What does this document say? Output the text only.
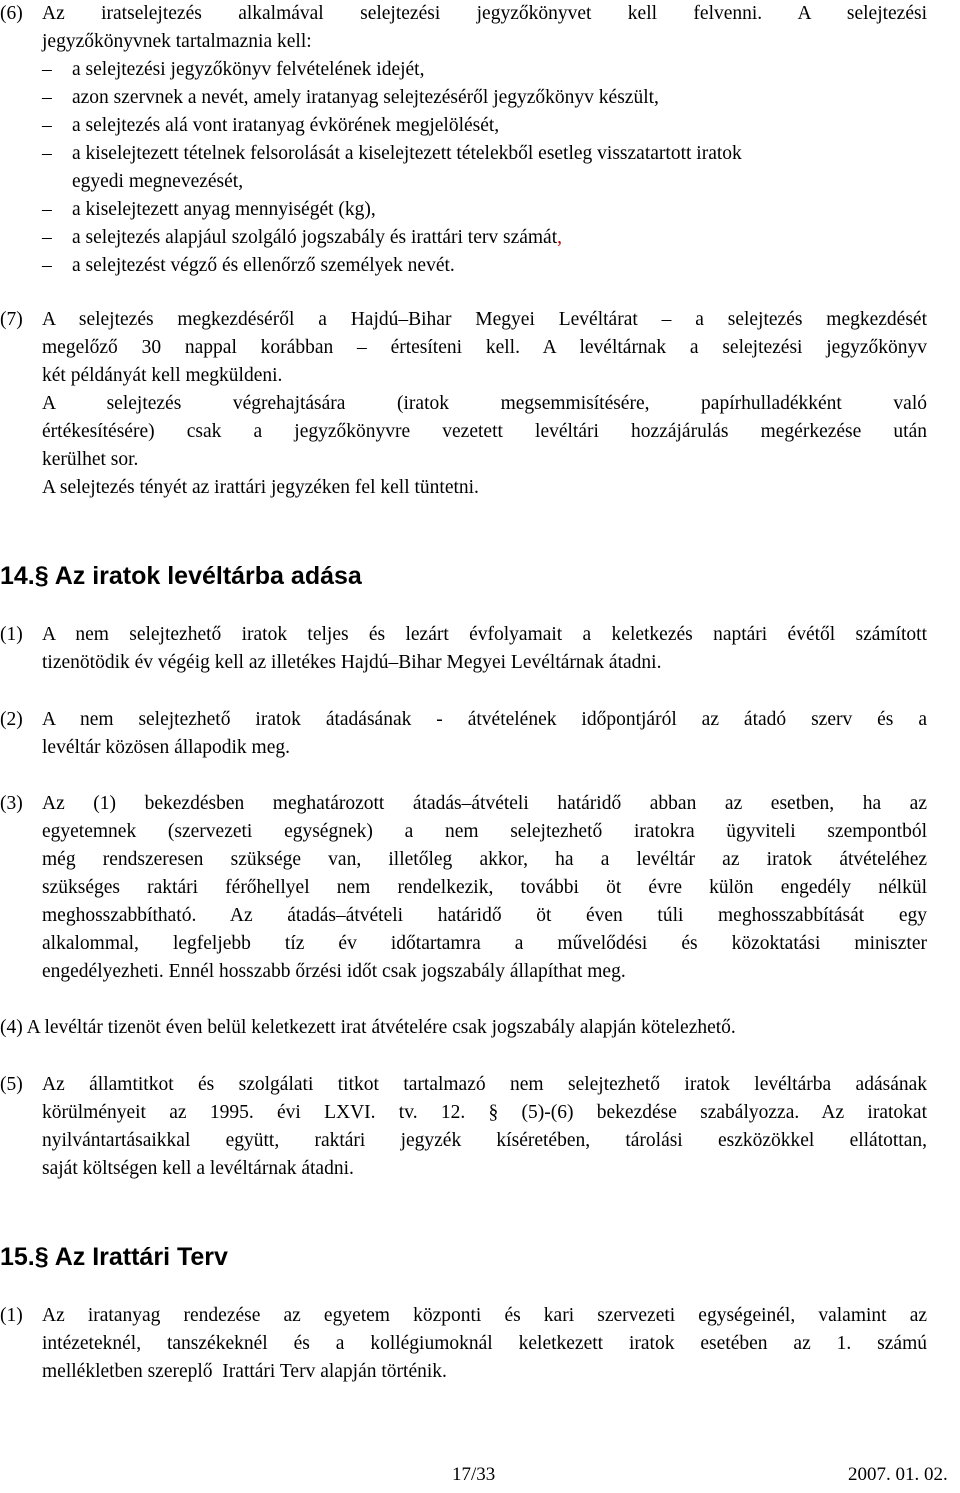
(6) Az iratselejtezés alkalmával selejtezési jegyzőkönyvet kell felvenni. A selejtezési
jegyzőkönyvnek tartalmaznia kell:
– a selejtezési jegyzőkönyv felvételének idejét,
– azon szervnek a nevét, amely iratanyag selejtezéséről jegyzőkönyv készült,
– a selejtezés alá vont iratanyag évkörének megjelölését,
– a kiselejtezett tételnek felsorolását a kiselejtezett tételekből esetleg visszatartott iratok
egyedi megnevezését,
– a kiselejtezett anyag mennyiségét (kg),
– a selejtezés alapjául szolgáló jogszabály és irattári terv számát,
– a selejtezést végző és ellenőrző személyek nevét.
(7) A selejtezés megkezdéséről a Hajdú–Bihar Megyei Levéltárat – a selejtezés megkezdését
megelőző 30 nappal korábban – értesíteni kell. A levéltárnak a selejtezési jegyzőkönyv
két példányát kell megküldeni.
A selejtezés végrehajtására (iratok megsemmisítésére, papírhulladékként való
értékesítésére) csak a jegyzőkönyvre vezetett levéltári hozzájárulás megérkezése után
kerülhet sor.
A selejtezés tényét az irattári jegyzéken fel kell tüntetni.
14.§ Az iratok levéltárba adása
(1) A nem selejtezhető iratok teljes és lezárt évfolyamait a keletkezés naptári évétől számított
tizenötödik év végéig kell az illetékes Hajdú–Bihar Megyei Levéltárnak átadni.
(2) A nem selejtezhető iratok átadásának - átvételének időpontjáról az átadó szerv és a
levéltár közösen állapodik meg.
(3) Az (1) bekezdésben meghatározott átadás–átvételi határidő abban az esetben, ha az
egyetemnek (szervezeti egységnek) a nem selejtezhető iratokra ügyviteli szempontból
még rendszeresen szüksége van, illetőleg akkor, ha a levéltár az iratok átvételéhez
szükséges raktári férőhellyel nem rendelkezik, további öt évre külön engedély nélkül
meghosszabbítható. Az átadás–átvételi határidő öt éven túli meghosszabbítását egy
alkalommal, legfeljebb tíz év időtartamra a művelődési és közoktatási miniszter
engedélyezheti. Ennél hosszabb őrzési időt csak jogszabály állapíthat meg.
(4) A levéltár tizenöt éven belül keletkezett irat átvételére csak jogszabály alapján kötelezhető.
(5) Az államtitkot és szolgálati titkot tartalmazó nem selejtezhető iratok levéltárba adásának
körülményeit az 1995. évi LXVI. tv. 12. § (5)-(6) bekezdése szabályozza. Az iratokat
nyilvántartásaikkal együtt, raktári jegyzék kíséretében, tárolási eszközökkel ellátottan,
saját költségen kell a levéltárnak átadni.
15.§ Az Irattári Terv
(1) Az iratanyag rendezése az egyetem központi és kari szervezeti egységeinél, valamint az
intézeteknél, tanszékeknél és a kollégiumoknál keletkezett iratok esetében az 1. számú
mellékletben szereplő  Irattári Terv alapján történik.
17/33	2007. 01. 02.
